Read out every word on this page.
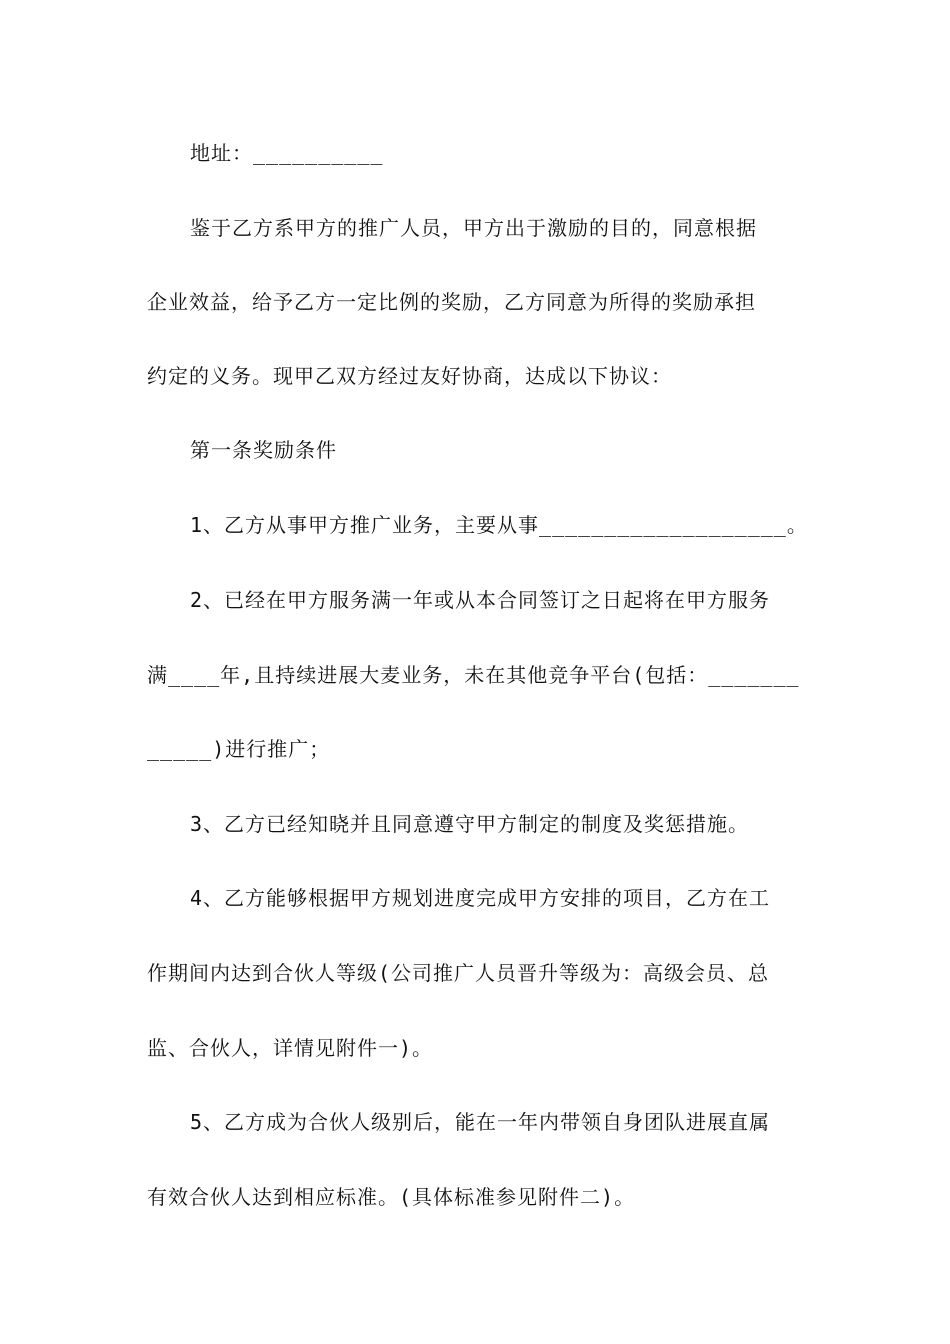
地址：__________
鉴于乙方系甲方的推广人员，甲方出于激励的目的，同意根据
企业效益，给予乙方一定比例的奖励，乙方同意为所得的奖励承担
约定的义务。现甲乙双方经过友好协商，达成以下协议：
第一条奖励条件
1、乙方从事甲方推广业务，主要从事___________________。
2、已经在甲方服务满一年或从本合同签订之日起将在甲方服务
满____年,且持续进展大麦业务，未在其他竞争平台(包括：_______
_____)进行推广；
3、乙方已经知晓并且同意遵守甲方制定的制度及奖惩措施。
4、乙方能够根据甲方规划进度完成甲方安排的项目，乙方在工
作期间内达到合伙人等级(公司推广人员晋升等级为：高级会员、总
监、合伙人，详情见附件一)。
5、乙方成为合伙人级别后，能在一年内带领自身团队进展直属
有效合伙人达到相应标准。(具体标准参见附件二)。
